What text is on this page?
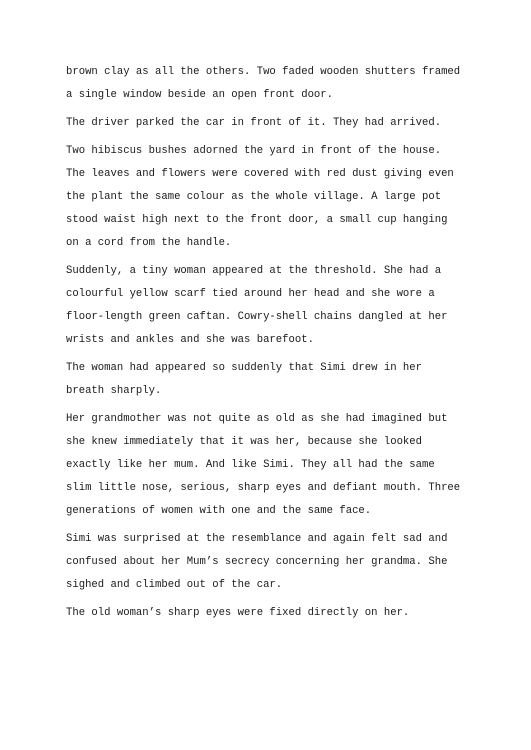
brown clay as all the others. Two faded wooden shutters framed
a single window beside an open front door.

The driver parked the car in front of it. They had arrived.

Two hibiscus bushes adorned the yard in front of the house.
The leaves and flowers were covered with red dust giving even
the plant the same colour as the whole village. A large pot
stood waist high next to the front door, a small cup hanging
on a cord from the handle.

Suddenly, a tiny woman appeared at the threshold. She had a
colourful yellow scarf tied around her head and she wore a
floor-length green caftan. Cowry-shell chains dangled at her
wrists and ankles and she was barefoot.

The woman had appeared so suddenly that Simi drew in her
breath sharply.

Her grandmother was not quite as old as she had imagined but
she knew immediately that it was her, because she looked
exactly like her mum. And like Simi. They all had the same
slim little nose, serious, sharp eyes and defiant mouth. Three
generations of women with one and the same face.

Simi was surprised at the resemblance and again felt sad and
confused about her Mum’s secrecy concerning her grandma. She
sighed and climbed out of the car.

The old woman’s sharp eyes were fixed directly on her.
